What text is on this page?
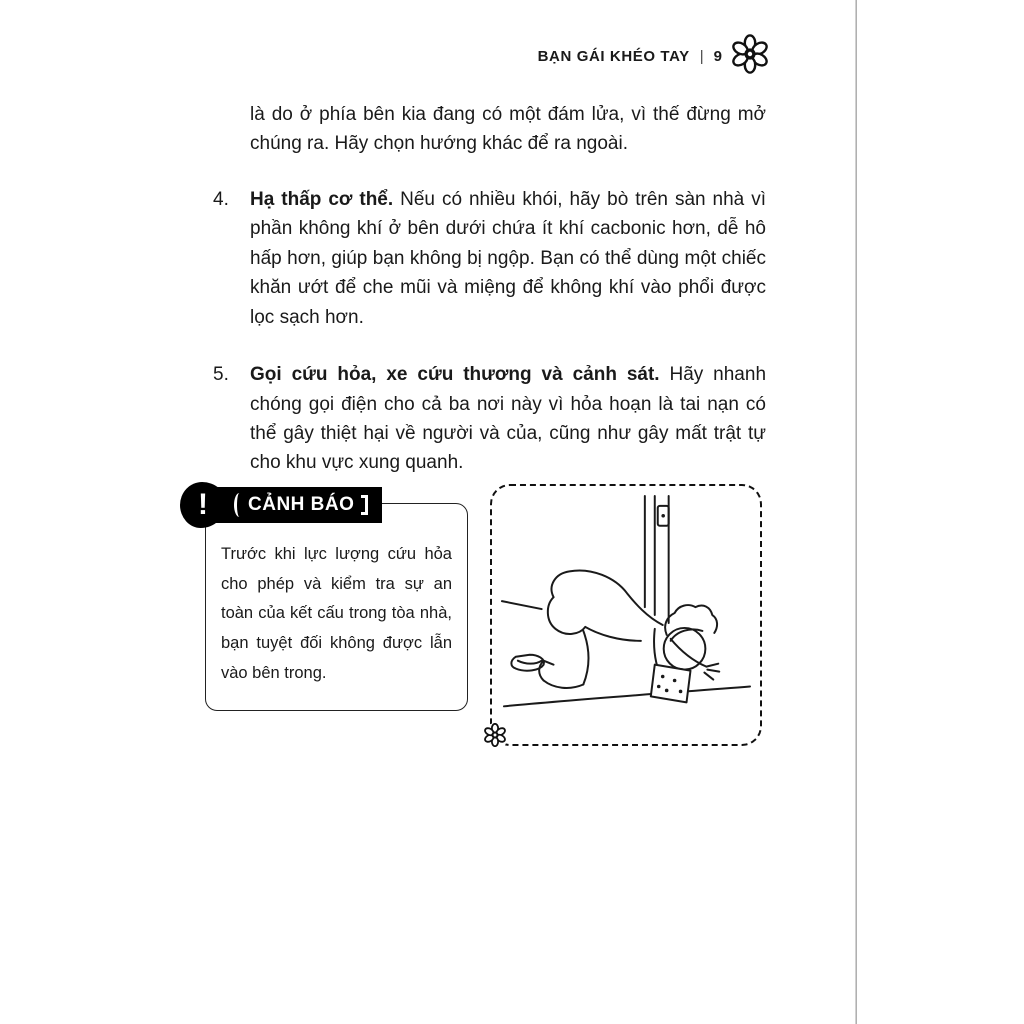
BẠN GÁI KHÉO TAY | 9

là do ở phía bên kia đang có một đám lửa, vì thế đừng mở chúng ra. Hãy chọn hướng khác để ra ngoài.

4.	Hạ thấp cơ thể. Nếu có nhiều khói, hãy bò trên sàn nhà vì phần không khí ở bên dưới chứa ít khí cacbonic hơn, dễ hô hấp hơn, giúp bạn không bị ngộp. Bạn có thể dùng một chiếc khăn ướt để che mũi và miệng để không khí vào phổi được lọc sạch hơn.

5.	Gọi cứu hỏa, xe cứu thương và cảnh sát. Hãy nhanh chóng gọi điện cho cả ba nơi này vì hỏa hoạn là tai nạn có thể gây thiệt hại về người và của, cũng như gây mất trật tự cho khu vực xung quanh.

! CẢNH BÁO

Trước khi lực lượng cứu hỏa cho phép và kiểm tra sự an toàn của kết cấu trong tòa nhà, bạn tuyệt đối không được lẫn vào bên trong.
